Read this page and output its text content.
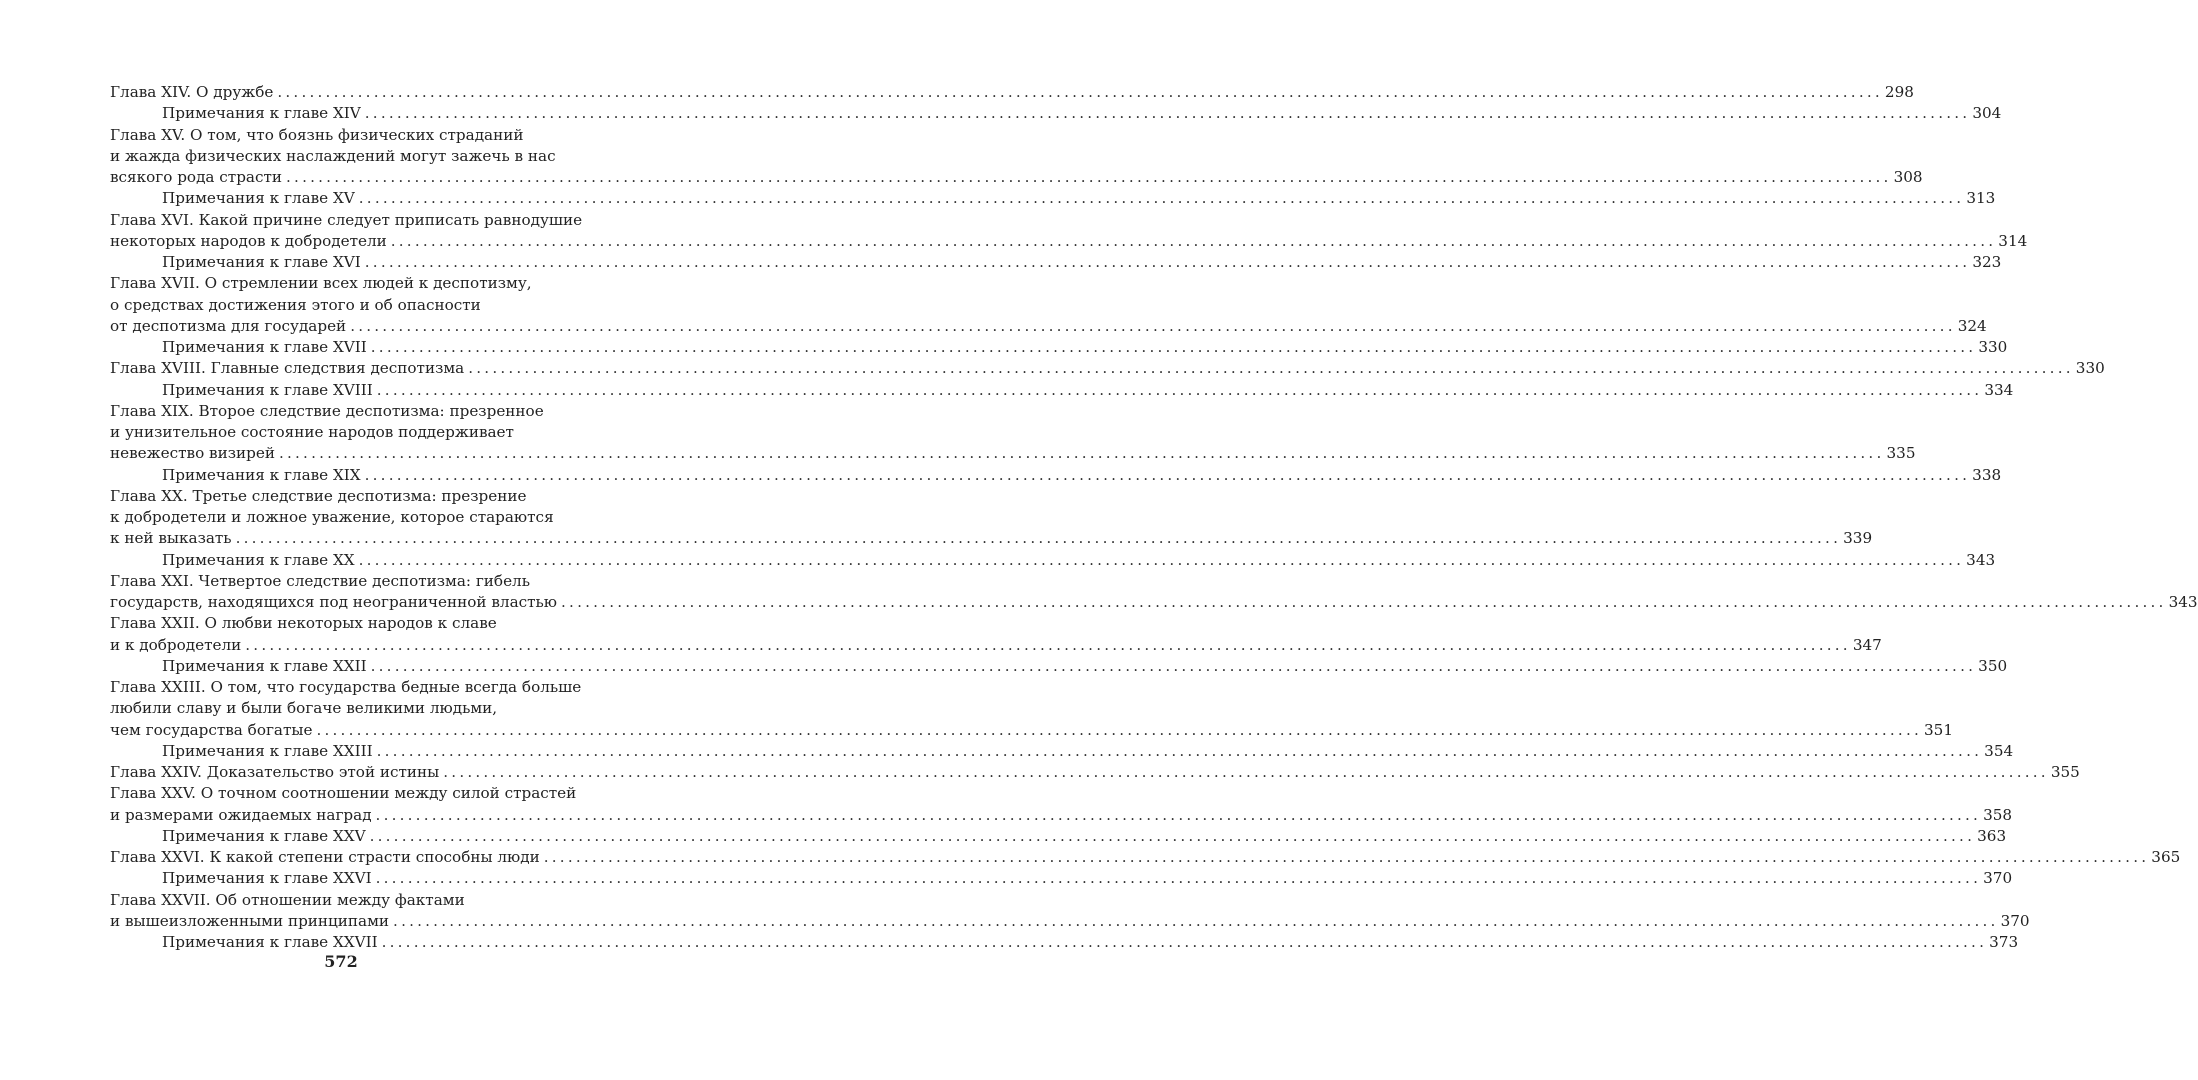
Глава XIV. О дружбе ........................................................................................................................................................................................................ 298
Примечания к главе XIV ........................................................................................................................................................................................................ 304
Глава XV. О том, что боязнь физических страданий
и жажда физических наслаждений могут зажечь в нас
всякого рода страсти ........................................................................................................................................................................................................ 308
Примечания к главе XV ........................................................................................................................................................................................................ 313
Глава XVI. Какой причине следует приписать равнодушие
некоторых народов к добродетели ........................................................................................................................................................................................................ 314
Примечания к главе XVI ........................................................................................................................................................................................................ 323
Глава XVII. О стремлении всех людей к деспотизму,
о средствах достижения этого и об опасности
от деспотизма для государей ........................................................................................................................................................................................................ 324
Примечания к главе XVII ........................................................................................................................................................................................................ 330
Глава XVIII. Главные следствия деспотизма ........................................................................................................................................................................................................ 330
Примечания к главе XVIII ........................................................................................................................................................................................................ 334
Глава XIX. Второе следствие деспотизма: презренное
и унизительное состояние народов поддерживает
невежество визирей ........................................................................................................................................................................................................ 335
Примечания к главе XIX ........................................................................................................................................................................................................ 338
Глава XX. Третье следствие деспотизма: презрение
к добродетели и ложное уважение, которое стараются
к ней выказать ........................................................................................................................................................................................................ 339
Примечания к главе XX ........................................................................................................................................................................................................ 343
Глава XXI. Четвертое следствие деспотизма: гибель
государств, находящихся под неограниченной властью ........................................................................................................................................................................................................ 343
Глава XXII. О любви некоторых народов к славе
и к добродетели ........................................................................................................................................................................................................ 347
Примечания к главе XXII ........................................................................................................................................................................................................ 350
Глава XXIII. О том, что государства бедные всегда больше
любили славу и были богаче великими людьми,
чем государства богатые ........................................................................................................................................................................................................ 351
Примечания к главе XXIII ........................................................................................................................................................................................................ 354
Глава XXIV. Доказательство этой истины ........................................................................................................................................................................................................ 355
Глава XXV. О точном соотношении между силой страстей
и размерами ожидаемых наград ........................................................................................................................................................................................................ 358
Примечания к главе XXV ........................................................................................................................................................................................................ 363
Глава XXVI. К какой степени страсти способны люди ........................................................................................................................................................................................................ 365
Примечания к главе XXVI ........................................................................................................................................................................................................ 370
Глава XXVII. Об отношении между фактами
и вышеизложенными принципами ........................................................................................................................................................................................................ 370
Примечания к главе XXVII ........................................................................................................................................................................................................ 373
572
